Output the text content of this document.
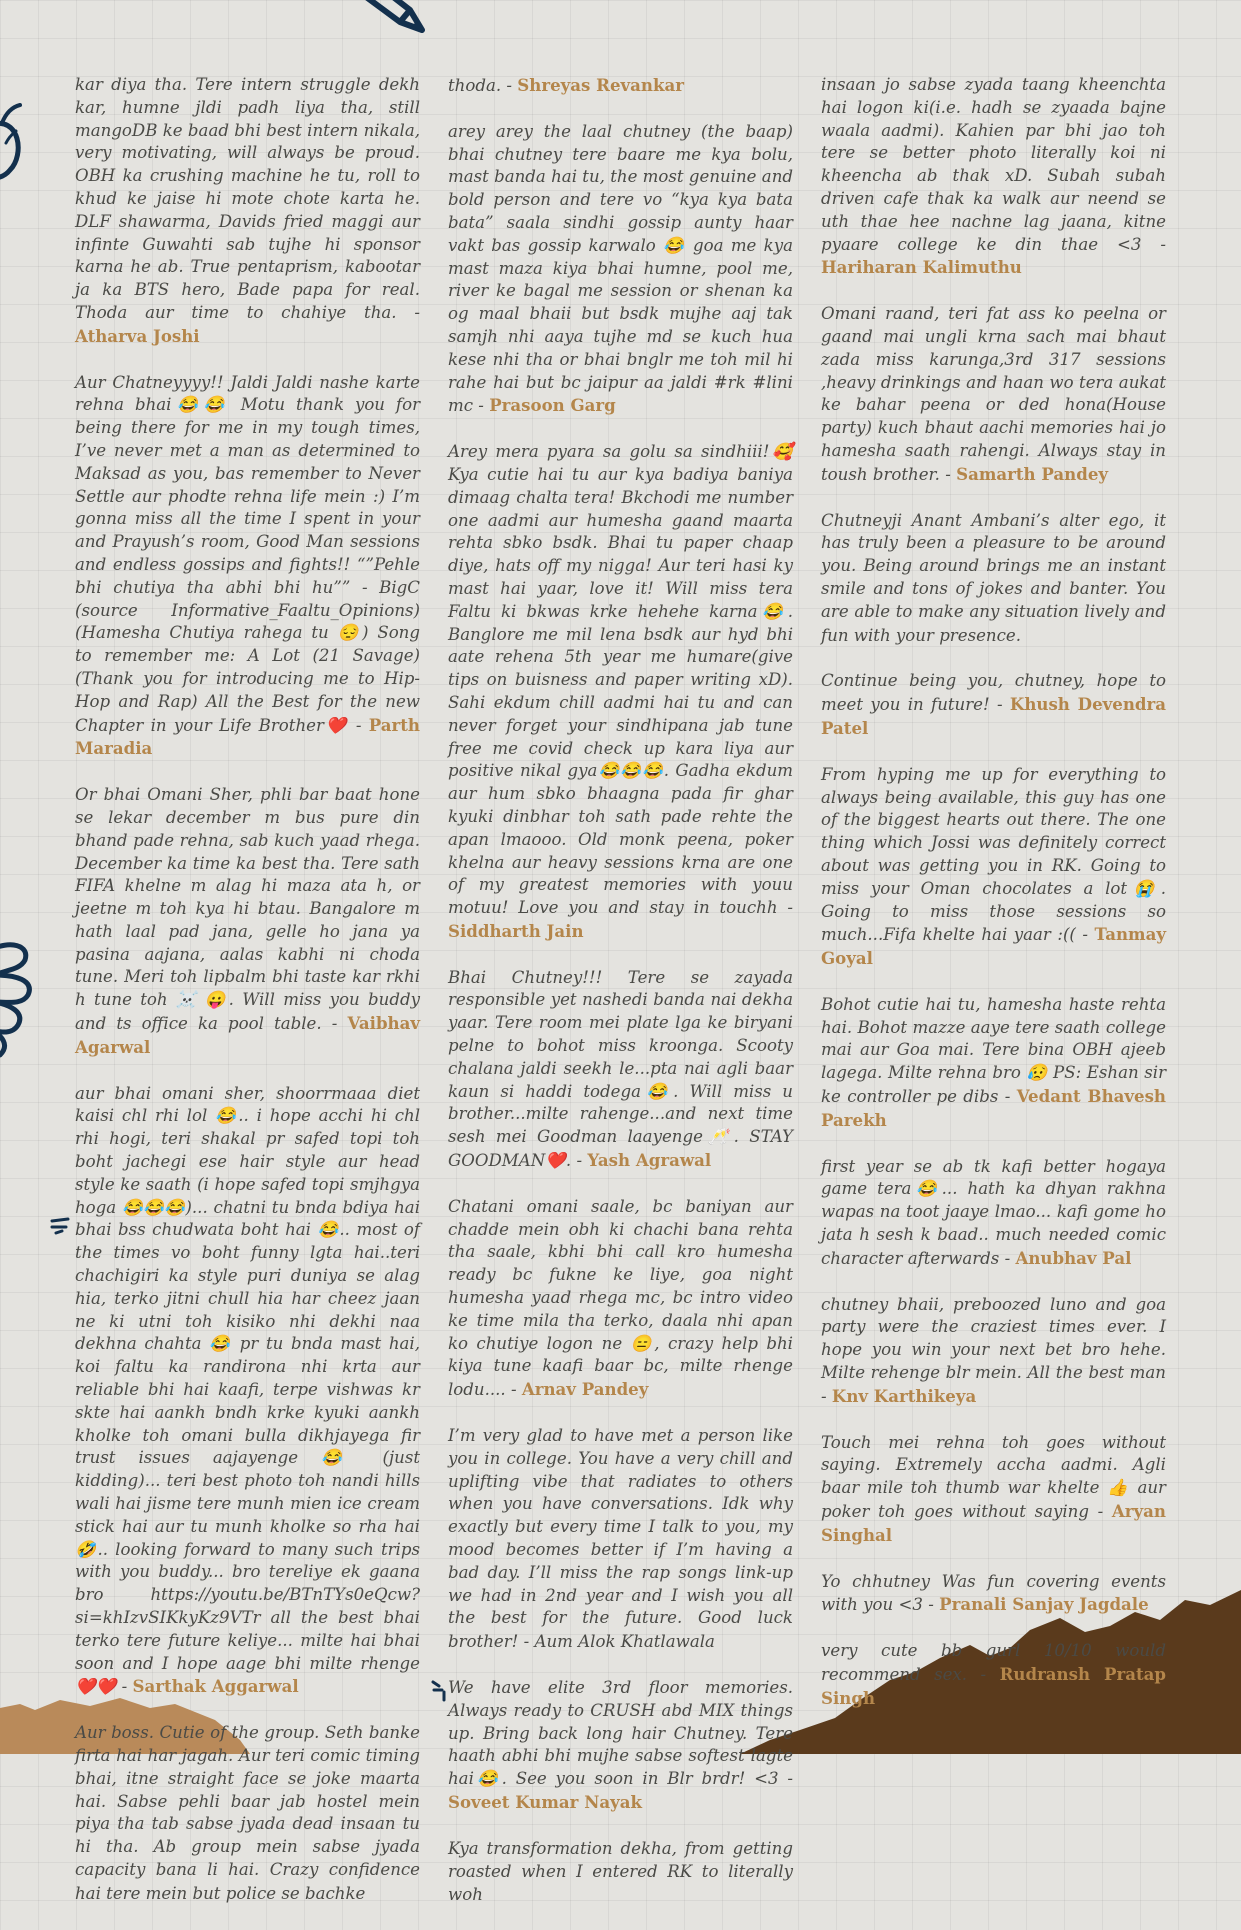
kar diya tha. Tere intern struggle dekh kar, humne jldi padh liya tha, still mangoDB ke baad bhi best intern nikala, very motivating, will always be proud. OBH ka crushing machine he tu, roll to khud ke jaise hi mote chote karta he. DLF shawarma, Davids fried maggi aur infinte Guwahti sab tujhe hi sponsor karna he ab. True pentaprism, kabootar ja ka BTS hero, Bade papa for real. Thoda aur time to chahiye tha. - Atharva Joshi

Aur Chatneyyyy!! Jaldi Jaldi nashe karte rehna bhai😂😂 Motu thank you for being there for me in my tough times, I’ve never met a man as determined to Maksad as you, bas remember to Never Settle aur phodte rehna life mein :) I’m gonna miss all the time I spent in your and Prayush’s room, Good Man sessions and endless gossips and fights!! “”Pehle bhi chutiya tha abhi bhi hu”” - BigC (source Informative_Faaltu_Opinions) (Hamesha Chutiya rahega tu 😔) Song to remember me: A Lot (21 Savage) (Thank you for introducing me to Hip-Hop and Rap) All the Best for the new Chapter in your Life Brother❤️ - Parth Maradia

Or bhai Omani Sher, phli bar baat hone se lekar december m bus pure din bhand pade rehna, sab kuch yaad rhega. December ka time ka best tha. Tere sath FIFA khelne m alag hi maza ata h, or jeetne m toh kya hi btau. Bangalore m hath laal pad jana, gelle ho jana ya pasina aajana, aalas kabhi ni choda tune. Meri toh lipbalm bhi taste kar rkhi h tune toh ☠️ 😛. Will miss you buddy and ts office ka pool table. - Vaibhav Agarwal

aur bhai omani sher, shoorrmaaa diet kaisi chl rhi lol 😂.. i hope acchi hi chl rhi hogi, teri shakal pr safed topi toh boht jachegi ese hair style aur head style ke saath (i hope safed topi smjhgya hoga 😂😂😂)... chatni tu bnda bdiya hai bhai bss chudwata boht hai 😂.. most of the times vo boht funny lgta hai..teri chachigiri ka style puri duniya se alag hia, terko jitni chull hia har cheez jaan ne ki utni toh kisiko nhi dekhi naa dekhna chahta 😂 pr tu bnda mast hai, koi faltu ka randirona nhi krta aur reliable bhi hai kaafi, terpe vishwas kr skte hai aankh bndh krke kyuki aankh kholke toh omani bulla dikhjayega fir trust issues aajayenge 😂 (just kidding)... teri best photo toh nandi hills wali hai jisme tere munh mien ice cream stick hai aur tu munh kholke so rha hai 🤣.. looking forward to many such trips with you buddy... bro tereliye ek gaana bro https://youtu.be/BTnTYs0eQcw?si=khIzvSIKkyKz9VTr all the best bhai terko tere future keliye... milte hai bhai soon and I hope aage bhi milte rhenge ❤️❤️ - Sarthak Aggarwal

Aur boss. Cutie of the group. Seth banke firta hai har jagah. Aur teri comic timing bhai, itne straight face se joke maarta hai. Sabse pehli baar jab hostel mein piya tha tab sabse jyada dead insaan tu hi tha. Ab group mein sabse jyada capacity bana li hai. Crazy confidence hai tere mein but police se bachke

thoda. - Shreyas Revankar

arey arey the laal chutney (the baap) bhai chutney tere baare me kya bolu, mast banda hai tu, the most genuine and bold person and tere vo “kya kya bata bata” saala sindhi gossip aunty haar vakt bas gossip karwalo 😂 goa me kya mast maza kiya bhai humne, pool me, river ke bagal me session or shenan ka og maal bhaii but bsdk mujhe aaj tak samjh nhi aaya tujhe md se kuch hua kese nhi tha or bhai bnglr me toh mil hi rahe hai but bc jaipur aa jaldi #rk #lini mc - Prasoon Garg

Arey mera pyara sa golu sa sindhiii!🥰 Kya cutie hai tu aur kya badiya baniya dimaag chalta tera! Bkchodi me number one aadmi aur humesha gaand maarta rehta sbko bsdk. Bhai tu paper chaap diye, hats off my nigga! Aur teri hasi ky mast hai yaar, love it! Will miss tera Faltu ki bkwas krke hehehe karna😂. Banglore me mil lena bsdk aur hyd bhi aate rehena 5th year me humare(give tips on buisness and paper writing xD). Sahi ekdum chill aadmi hai tu and can never forget your sindhipana jab tune free me covid check up kara liya aur positive nikal gya😂😂😂. Gadha ekdum aur hum sbko bhaagna pada fir ghar kyuki dinbhar toh sath pade rehte the apan lmaooo. Old monk peena, poker khelna aur heavy sessions krna are one of my greatest memories with youu motuu! Love you and stay in touchh - Siddharth Jain

Bhai Chutney!!! Tere se zayada responsible yet nashedi banda nai dekha yaar. Tere room mei plate lga ke biryani pelne to bohot miss kroonga. Scooty chalana jaldi seekh le...pta nai agli baar kaun si haddi todega😂. Will miss u brother...milte rahenge...and next time sesh mei Goodman laayenge🥂. STAY GOODMAN❤️. - Yash Agrawal

Chatani omani saale, bc baniyan aur chadde mein obh ki chachi bana rehta tha saale, kbhi bhi call kro humesha ready bc fukne ke liye, goa night humesha yaad rhega mc, bc intro video ke time mila tha terko, daala nhi apan ko chutiye logon ne 😑, crazy help bhi kiya tune kaafi baar bc, milte rhenge lodu.... - Arnav Pandey

I’m very glad to have met a person like you in college. You have a very chill and uplifting vibe that radiates to others when you have conversations. Idk why exactly but every time I talk to you, my mood becomes better if I’m having a bad day. I’ll miss the rap songs link-up we had in 2nd year and I wish you all the best for the future. Good luck brother! - Aum Alok Khatlawala

We have elite 3rd floor memories. Always ready to CRUSH abd MIX things up. Bring back long hair Chutney. Tere haath abhi bhi mujhe sabse softest lagte hai😂. See you soon in Blr brdr! <3 - Soveet Kumar Nayak

Kya transformation dekha, from getting roasted when I entered RK to literally woh

insaan jo sabse zyada taang kheenchta hai logon ki(i.e. hadh se zyaada bajne waala aadmi). Kahien par bhi jao toh tere se better photo literally koi ni kheencha ab thak xD. Subah subah driven cafe thak ka walk aur neend se uth thae hee nachne lag jaana, kitne pyaare college ke din thae <3 - Hariharan Kalimuthu

Omani raand, teri fat ass ko peelna or gaand mai ungli krna sach mai bhaut zada miss karunga,3rd 317 sessions ,heavy drinkings and haan wo tera aukat ke bahar peena or ded hona(House party) kuch bhaut aachi memories hai jo hamesha saath rahengi. Always stay in toush brother. - Samarth Pandey

Chutneyji Anant Ambani’s alter ego, it has truly been a pleasure to be around you. Being around brings me an instant smile and tons of jokes and banter. You are able to make any situation lively and fun with your presence.

Continue being you, chutney, hope to meet you in future! - Khush Devendra Patel

From hyping me up for everything to always being available, this guy has one of the biggest hearts out there. The one thing which Jossi was definitely correct about was getting you in RK. Going to miss your Oman chocolates a lot😭. Going to miss those sessions so much...Fifa khelte hai yaar :(( - Tanmay Goyal

Bohot cutie hai tu, hamesha haste rehta hai. Bohot mazze aaye tere saath college mai aur Goa mai. Tere bina OBH ajeeb lagega. Milte rehna bro 😥 PS: Eshan sir ke controller pe dibs - Vedant Bhavesh Parekh

first year se ab tk kafi better hogaya game tera😂... hath ka dhyan rakhna wapas na toot jaaye lmao... kafi gome ho jata h sesh k baad.. much needed comic character afterwards - Anubhav Pal

chutney bhaii, preboozed luno and goa party were the craziest times ever. I hope you win your next bet bro hehe. Milte rehenge blr mein. All the best man - Knv Karthikeya

Touch mei rehna toh goes without saying. Extremely accha aadmi. Agli baar mile toh thumb war khelte 👍 aur poker toh goes without saying - Aryan Singhal

Yo chhutney Was fun covering events with you <3 - Pranali Sanjay Jagdale

very cute bb gurl 10/10 would recommend sex. - Rudransh Pratap Singh
